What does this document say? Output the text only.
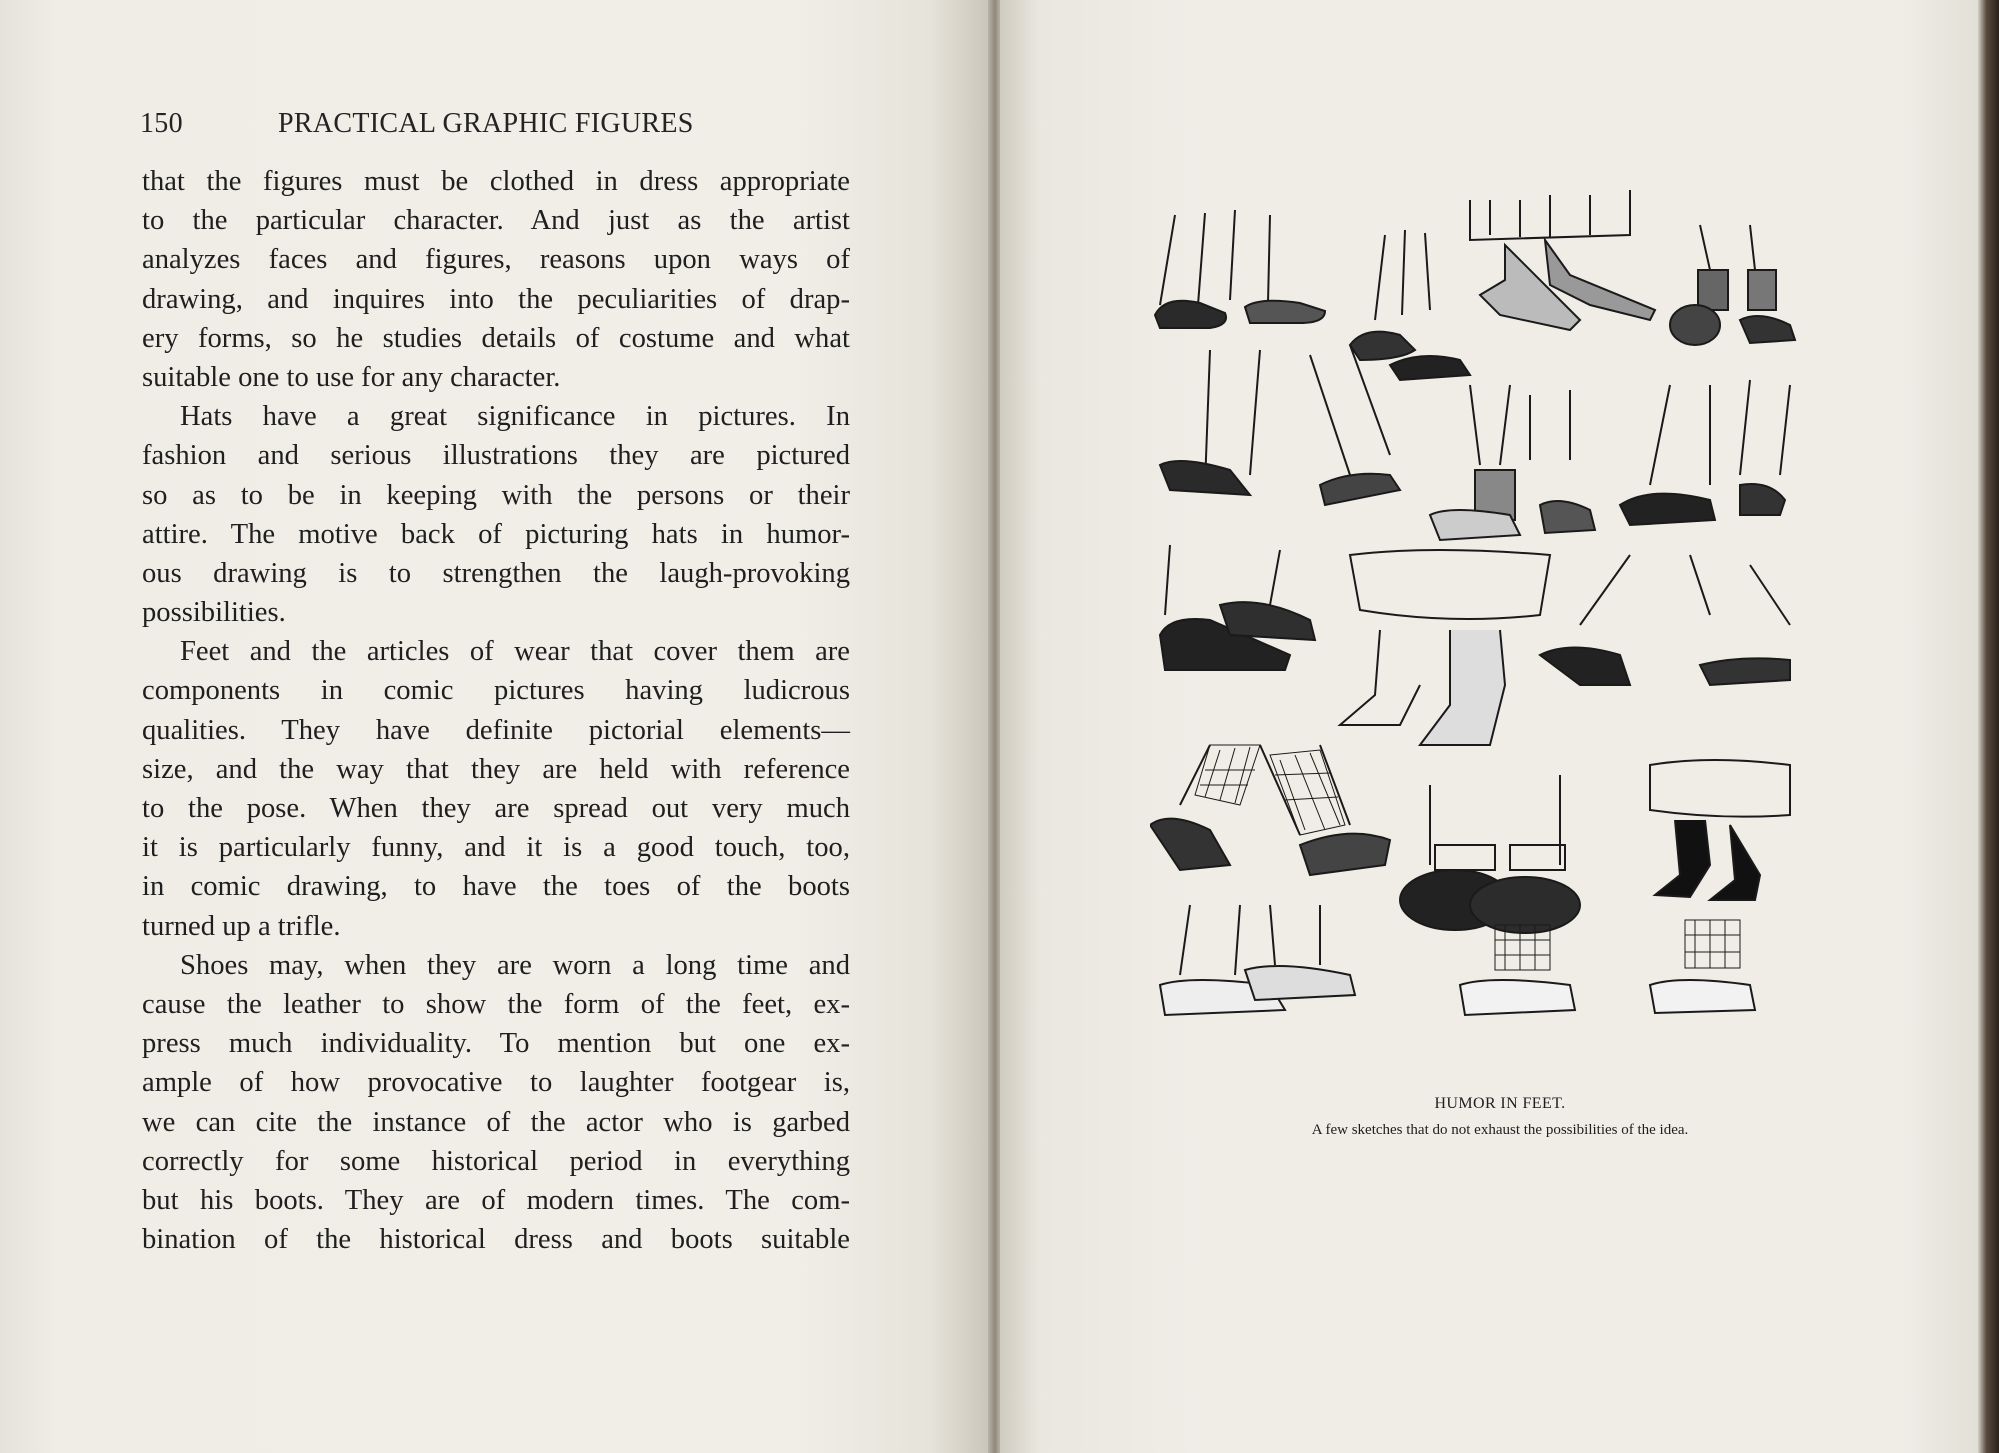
150	PRACTICAL GRAPHIC FIGURES
that the figures must be clothed in dress appropriate
to the particular character. And just as the artist
analyzes faces and figures, reasons upon ways of
drawing, and inquires into the peculiarities of drap-
ery forms, so he studies details of costume and what
suitable one to use for any character.
Hats have a great significance in pictures. In
fashion and serious illustrations they are pictured
so as to be in keeping with the persons or their
attire. The motive back of picturing hats in humor-
ous drawing is to strengthen the laugh-provoking
possibilities.
Feet and the articles of wear that cover them are
components in comic pictures having ludicrous
qualities. They have definite pictorial elements—
size, and the way that they are held with reference
to the pose. When they are spread out very much
it is particularly funny, and it is a good touch, too,
in comic drawing, to have the toes of the boots
turned up a trifle.
Shoes may, when they are worn a long time and
cause the leather to show the form of the feet, ex-
press much individuality. To mention but one ex-
ample of how provocative to laughter footgear is,
we can cite the instance of the actor who is garbed
correctly for some historical period in everything
but his boots. They are of modern times. The com-
bination of the historical dress and boots suitable
HUMOR IN FEET.
A few sketches that do not exhaust the possibilities of the idea.
